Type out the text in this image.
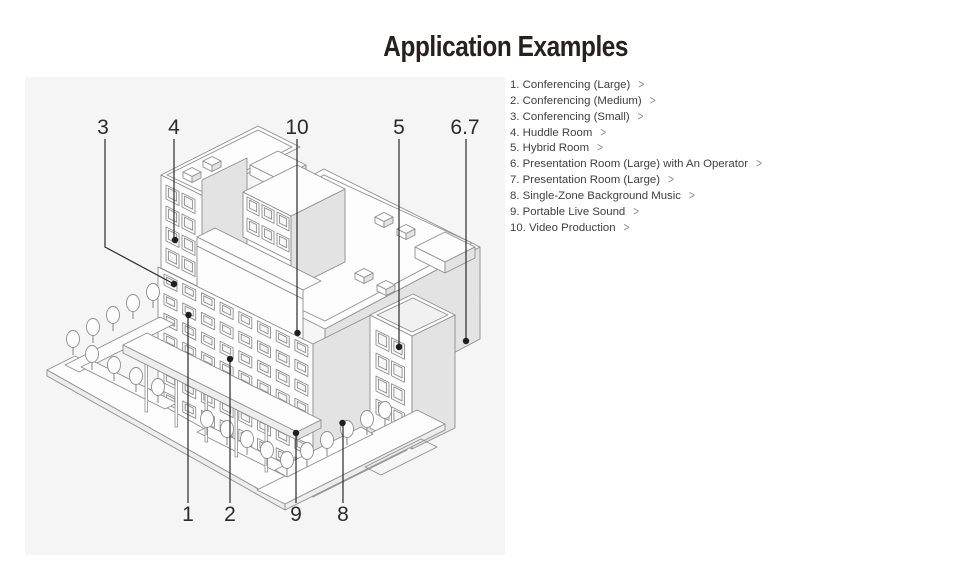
Application Examples
3	4	10	5 6.7
1 2	9 8
1. Conferencing (Large) >
2. Conferencing (Medium) >
3. Conferencing (Small) >
4. Huddle Room >
5. Hybrid Room >
6. Presentation Room (Large) with An Operator >
7. Presentation Room (Large) >
8. Single-Zone Background Music >
9. Portable Live Sound >
10. Video Production >
